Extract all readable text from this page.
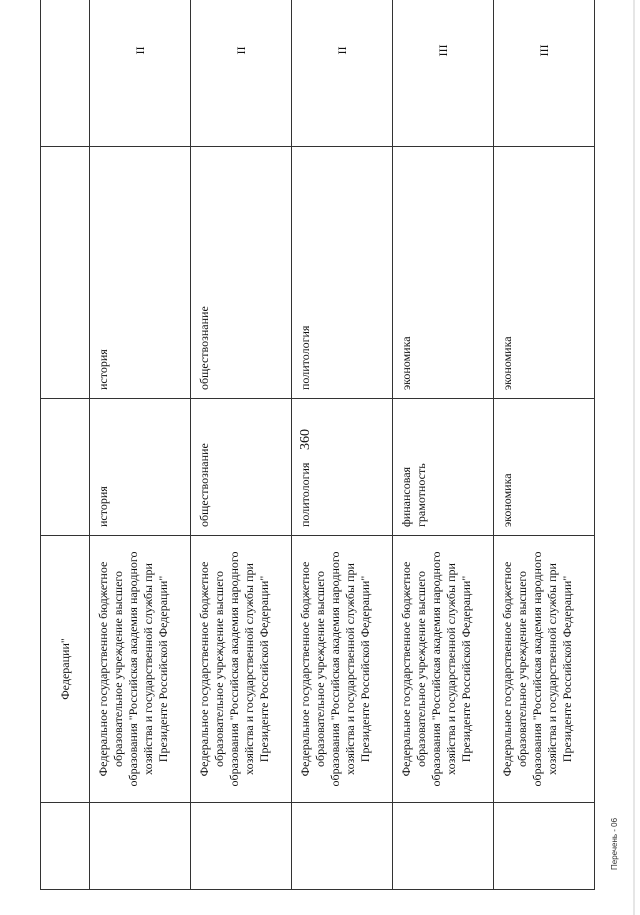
360
	Федерации"			

	Федеральное государственное бюджетное образовательное учреждение высшего образования "Российская академия народного хозяйства и государственной службы при Президенте Российской Федерации"	история	история	II

	Федеральное государственное бюджетное образовательное учреждение высшего образования "Российская академия народного хозяйства и государственной службы при Президенте Российской Федерации"	обществознание	обществознание	II

	Федеральное государственное бюджетное образовательное учреждение высшего образования "Российская академия народного хозяйства и государственной службы при Президенте Российской Федерации"	политология	политология	II

	Федеральное государственное бюджетное образовательное учреждение высшего образования "Российская академия народного хозяйства и государственной службы при Президенте Российской Федерации"	финансовая грамотность	экономика	III

	Федеральное государственное бюджетное образовательное учреждение высшего образования "Российская академия народного хозяйства и государственной службы при Президенте Российской Федерации"	экономика	экономика	III
Перечень - 06
